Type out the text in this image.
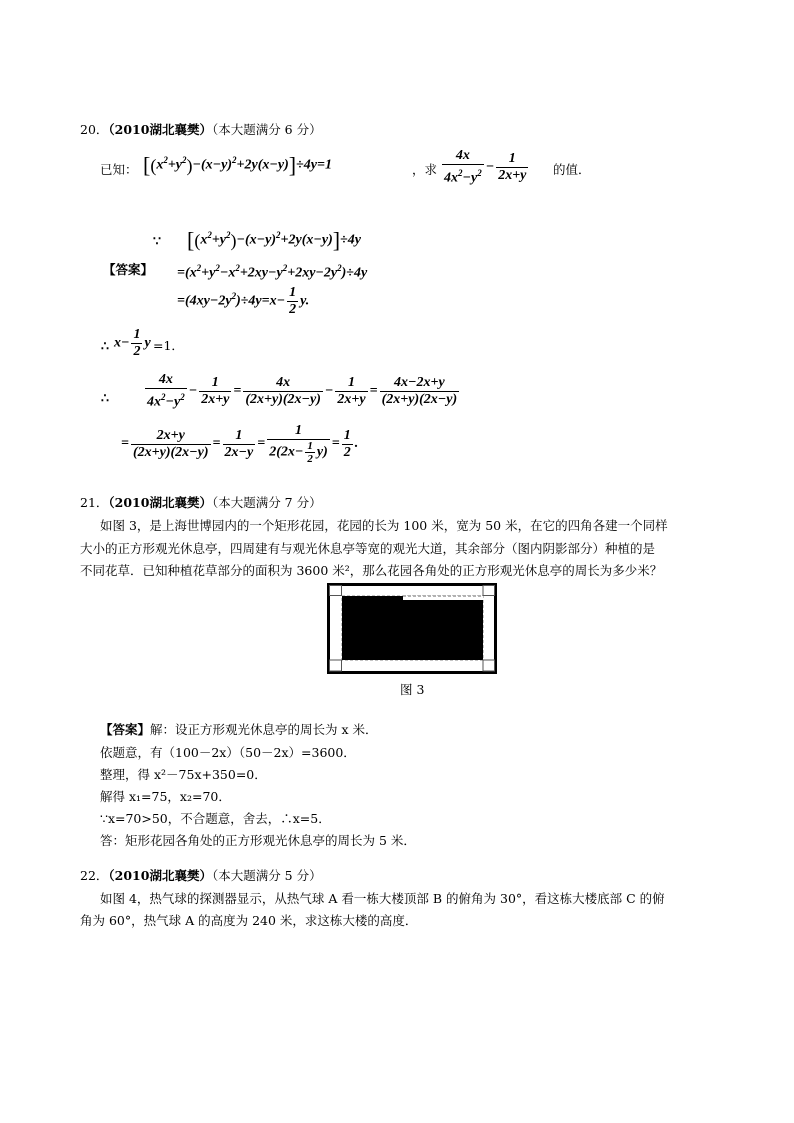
20．（2010湖北襄樊）（本大题满分 6 分）
已知： $[(x^2+y^2)-(x-y)^2+2y(x-y)]\div 4y=1$	，求 $\frac{4x}{4x^2-y^2} - \frac{1}{2x+y}$ 的值．
∵ $[(x^2+y^2)-(x-y)^2+2y(x-y)]\div 4y$
【答案】 $=(x^2+y^2-x^2+2xy-y^2+2xy-2y^2)\div 4y$
$=(4xy-2y^2)\div 4y=x- \frac{1}{2} y$.
∴ $x- \frac{1}{2}$ y =1．
∴	$\frac{4x}{4x^2-y^2} - \frac{1}{2x+y} = \frac{4x}{(2x+y)(2x-y)} - \frac{1}{2x+y} = \frac{4x-2x+y}{(2x+y)(2x-y)}$
= $\frac{2x+y}{(2x+y)(2x-y)} = \frac{1}{2x-y} = \frac{1}{2(2x- \frac{1}{2} y)} = \frac{1}{2}$ .
21．（2010湖北襄樊）（本大题满分 7 分）
如图 3，是上海世博园内的一个矩形花园，花园的长为 100 米，宽为 50 米，在它的四角各建一个同样
大小的正方形观光休息亭，四周建有与观光休息亭等宽的观光大道，其余部分（图内阴影部分）种植的是
不同花草．已知种植花草部分的面积为 3600 米²，那么花园各角处的正方形观光休息亭的周长为多少米？
图 3
【答案】解：设正方形观光休息亭的周长为 x 米．
依题意，有（100－2x）（50－2x）=3600．
整理，得 x²－75x+350=0．
解得 x₁=75，x₂=70．
∵x=70>50，不合题意，舍去，∴x=5．
答：矩形花园各角处的正方形观光休息亭的周长为 5 米．
22．（2010湖北襄樊）（本大题满分 5 分）
如图 4，热气球的探测器显示，从热气球 A 看一栋大楼顶部 B 的俯角为 30°，看这栋大楼底部 C 的俯
角为 60°，热气球 A 的高度为 240 米，求这栋大楼的高度．
